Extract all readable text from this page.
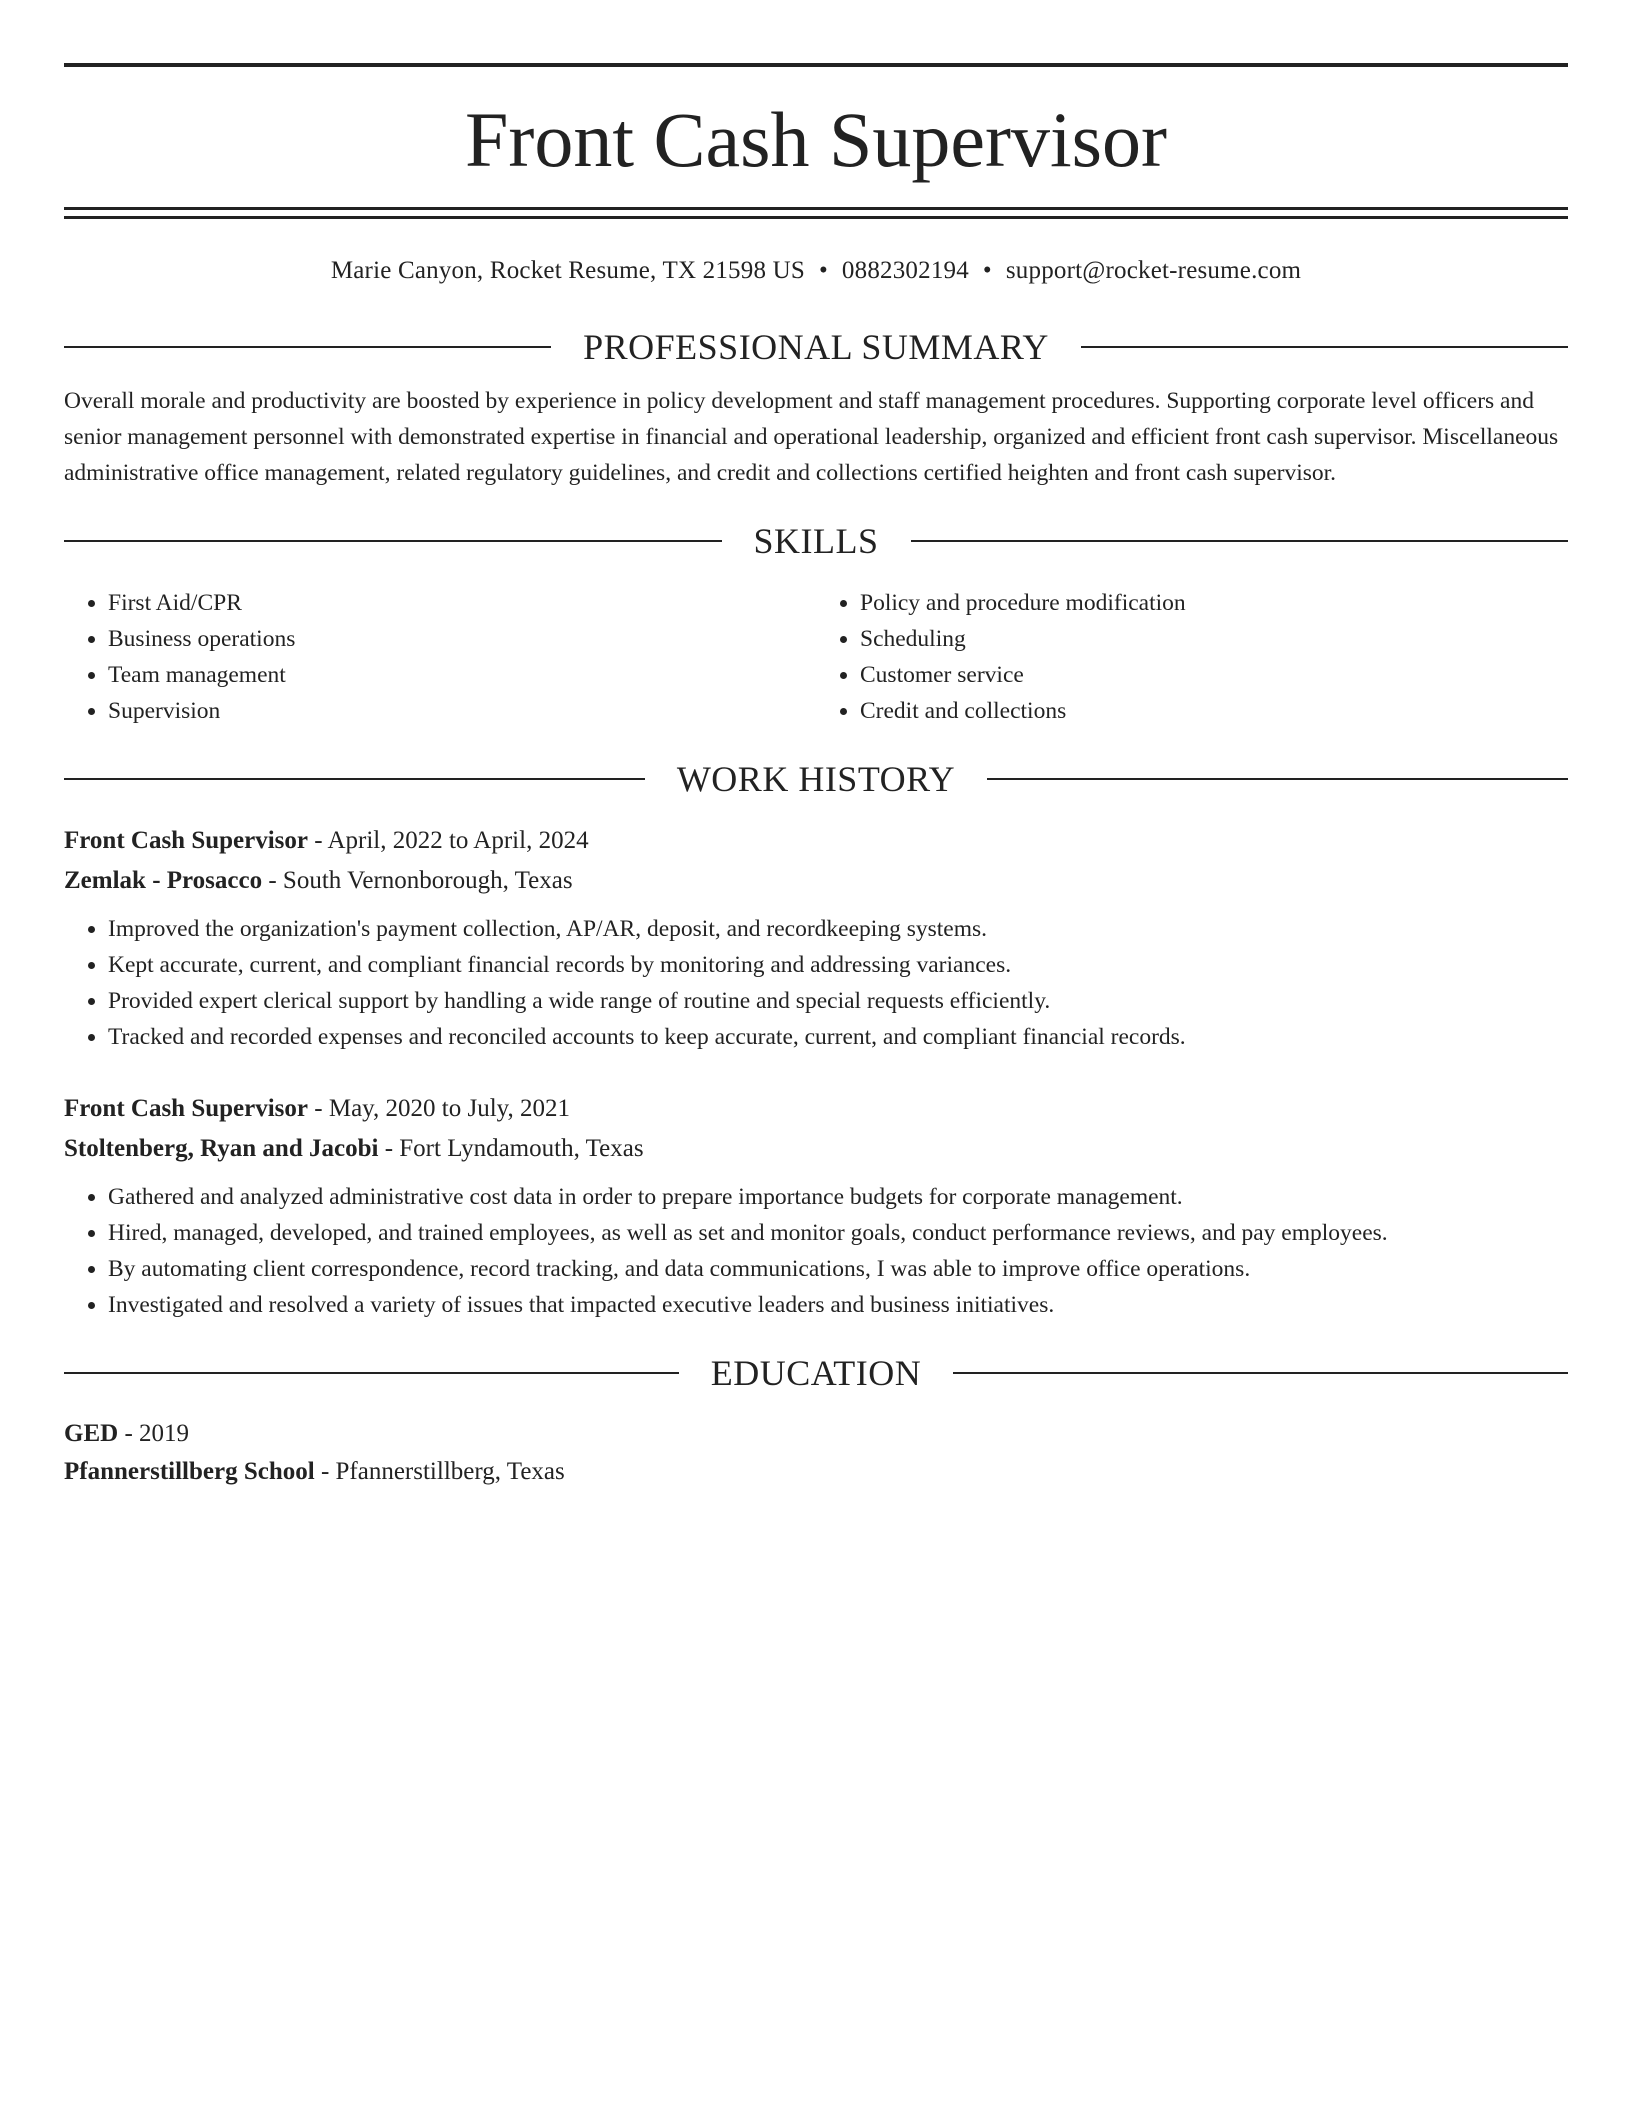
Front Cash Supervisor
Marie Canyon, Rocket Resume, TX 21598 US • 0882302194 • support@rocket-resume.com
PROFESSIONAL SUMMARY
Overall morale and productivity are boosted by experience in policy development and staff management procedures. Supporting corporate level officers and senior management personnel with demonstrated expertise in financial and operational leadership, organized and efficient front cash supervisor. Miscellaneous administrative office management, related regulatory guidelines, and credit and collections certified heighten and front cash supervisor.
SKILLS
• First Aid/CPR
• Business operations
• Team management
• Supervision
• Policy and procedure modification
• Scheduling
• Customer service
• Credit and collections
WORK HISTORY
Front Cash Supervisor - April, 2022 to April, 2024
Zemlak - Prosacco - South Vernonborough, Texas
• Improved the organization's payment collection, AP/AR, deposit, and recordkeeping systems.
• Kept accurate, current, and compliant financial records by monitoring and addressing variances.
• Provided expert clerical support by handling a wide range of routine and special requests efficiently.
• Tracked and recorded expenses and reconciled accounts to keep accurate, current, and compliant financial records.
Front Cash Supervisor - May, 2020 to July, 2021
Stoltenberg, Ryan and Jacobi - Fort Lyndamouth, Texas
• Gathered and analyzed administrative cost data in order to prepare importance budgets for corporate management.
• Hired, managed, developed, and trained employees, as well as set and monitor goals, conduct performance reviews, and pay employees.
• By automating client correspondence, record tracking, and data communications, I was able to improve office operations.
• Investigated and resolved a variety of issues that impacted executive leaders and business initiatives.
EDUCATION
GED - 2019
Pfannerstillberg School - Pfannerstillberg, Texas
